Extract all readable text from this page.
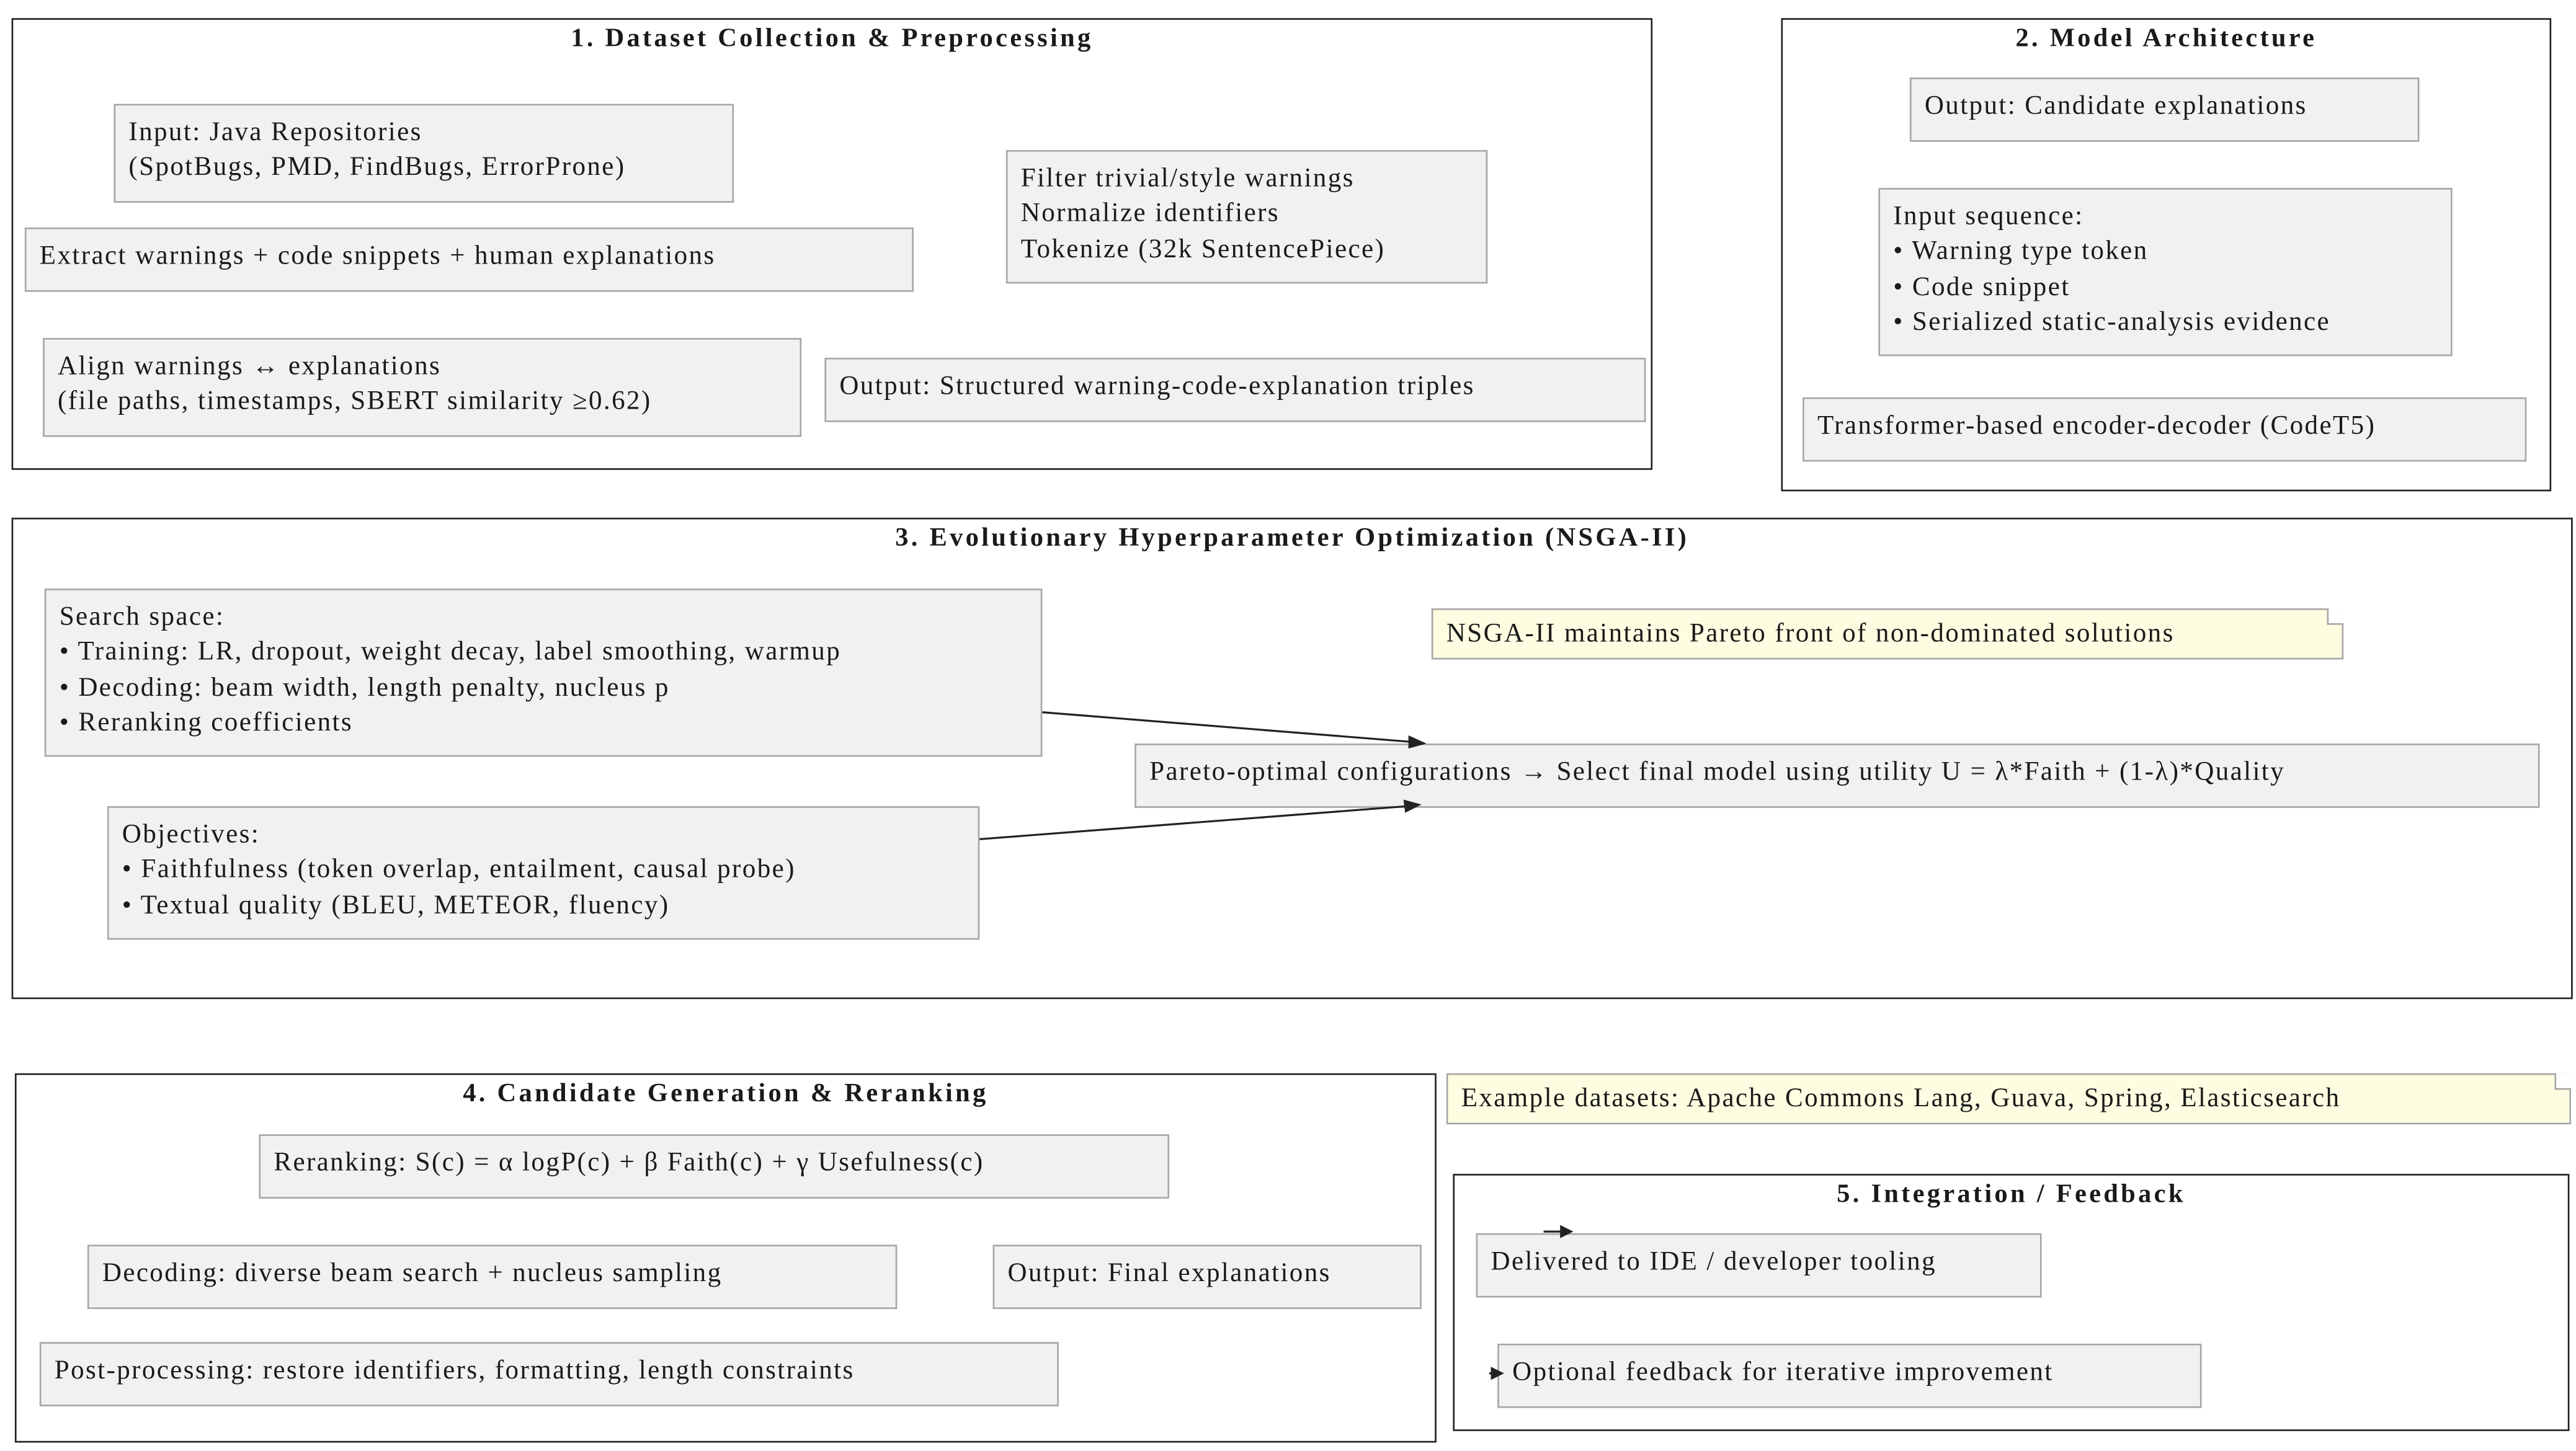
1. Dataset Collection & Preprocessing
Input: Java Repositories
(SpotBugs, PMD, FindBugs, ErrorProne)
Extract warnings + code snippets + human explanations
Filter trivial/style warnings
Normalize identifiers
Tokenize (32k SentencePiece)
Align warnings ↔ explanations
(file paths, timestamps, SBERT similarity ≥0.62)
Output: Structured warning-code-explanation triples
2. Model Architecture
Output: Candidate explanations
Input sequence:
• Warning type token
• Code snippet
• Serialized static-analysis evidence
Transformer-based encoder-decoder (CodeT5)
3. Evolutionary Hyperparameter Optimization (NSGA-II)
Search space:
• Training: LR, dropout, weight decay, label smoothing, warmup
• Decoding: beam width, length penalty, nucleus p
• Reranking coefficients
Objectives:
• Faithfulness (token overlap, entailment, causal probe)
• Textual quality (BLEU, METEOR, fluency)
NSGA-II maintains Pareto front of non-dominated solutions
Pareto-optimal configurations → Select final model using utility U = λ*Faith + (1-λ)*Quality
4. Candidate Generation & Reranking
Reranking: S(c) = α logP(c) + β Faith(c) + γ Usefulness(c)
Decoding: diverse beam search + nucleus sampling	Output: Final explanations
Post-processing: restore identifiers, formatting, length constraints
Example datasets: Apache Commons Lang, Guava, Spring, Elasticsearch
5. Integration / Feedback
Delivered to IDE / developer tooling
Optional feedback for iterative improvement
